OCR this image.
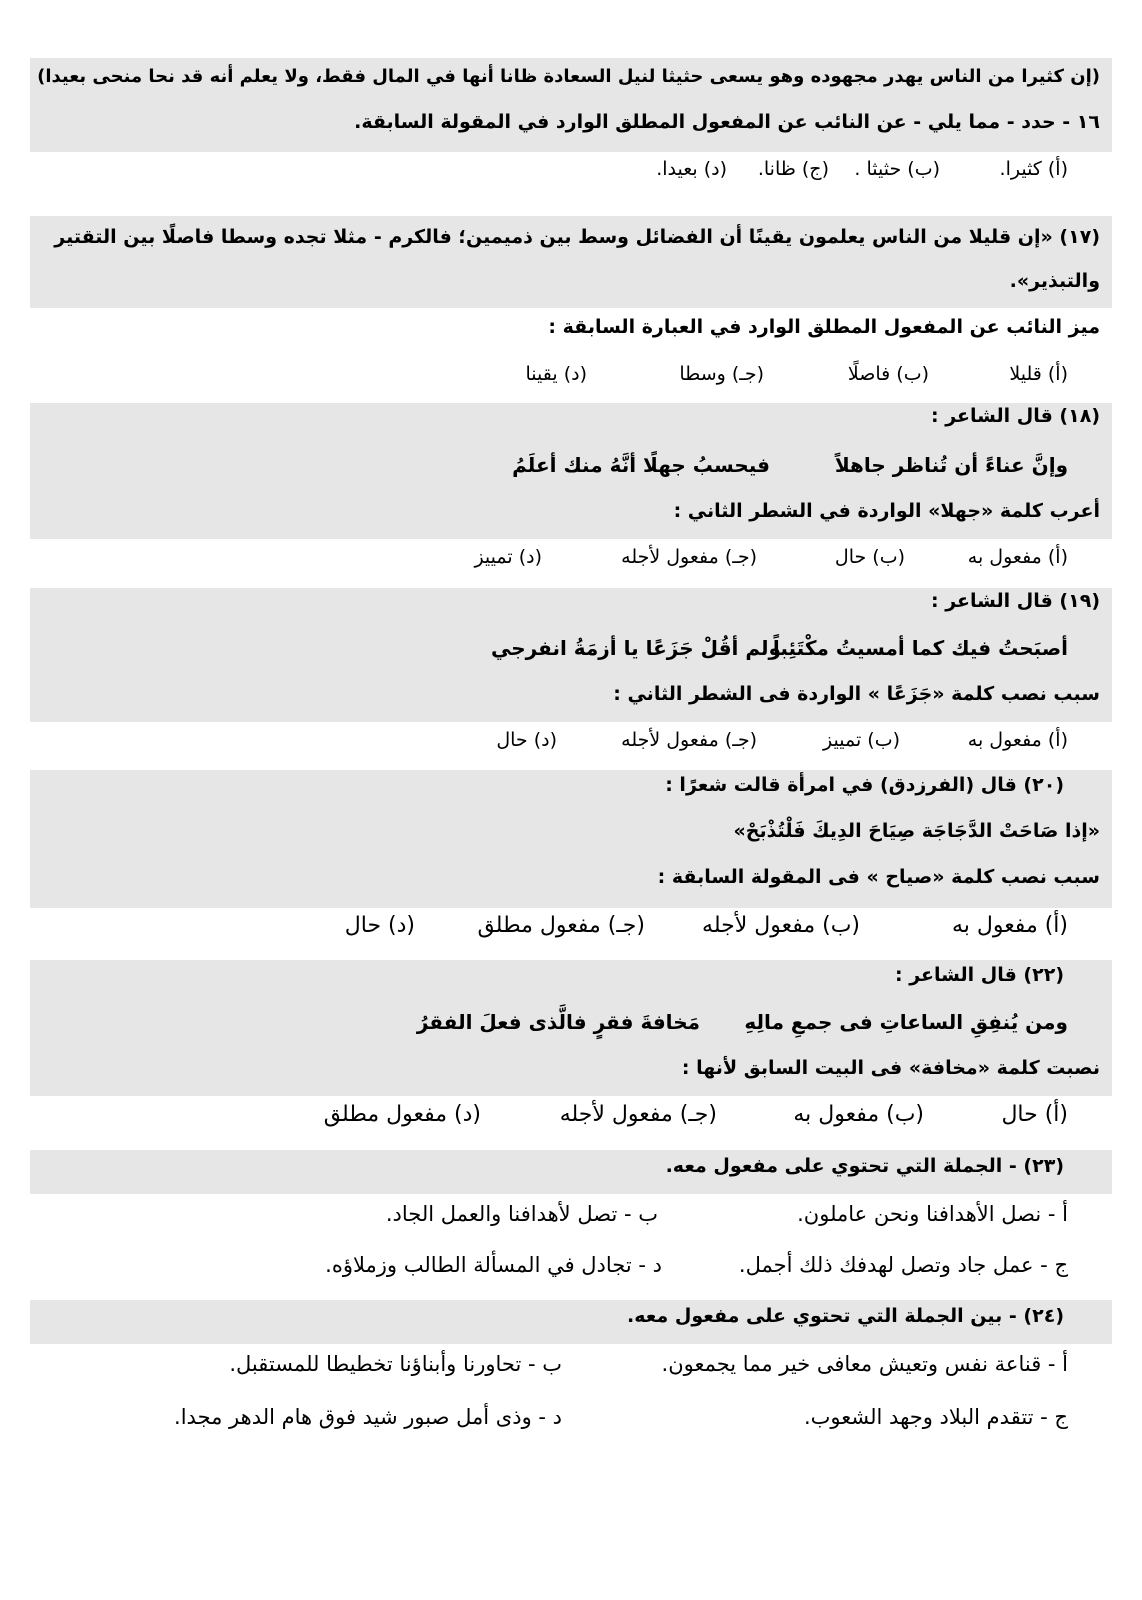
(إن كثيرا من الناس يهدر مجهوده وهو يسعى حثيثا لنيل السعادة ظانا أنها في المال فقط، ولا يعلم أنه قد نحا منحى بعيدا)
١٦ - حدد - مما يلي - عن النائب عن المفعول المطلق الوارد في المقولة السابقة.
(أ) كثيرا.
(ب) حثيثا .
(ج) ظانا.
(د) بعيدا.
(١٧) «إن قليلا من الناس يعلمون يقينًا أن الفضائل وسط بين ذميمين؛ فالكرم - مثلا تجده وسطا فاصلًا بين التقتير
والتبذير».
ميز النائب عن المفعول المطلق الوارد في العبارة السابقة :
(أ) قليلا
(ب) فاصلًا
(جـ) وسطا
(د) يقينا
(١٨) قال الشاعر :
وإنَّ عناءً أن تُناظر جاهلاً
فيحسبُ جهلًا أنَّهُ منك أعلَمُ
أعرب كلمة «جهلا» الواردة في الشطر الثاني :
(أ) مفعول به
(ب) حال
(جـ) مفعول لأجله
(د) تمييز
(١٩) قال الشاعر :
أصبَحتُ فيك كما أمسيتُ مكْتَئِباً
ولم أقُلْ جَزَعًا يا أزمَةُ انفرجي
سبب نصب كلمة «جَزَعًا » الواردة فى الشطر الثاني :
(أ) مفعول به
(ب) تمييز
(جـ) مفعول لأجله
(د) حال
(٢٠) قال (الفرزدق) في امرأة قالت شعرًا :
«إذا صَاحَتْ الدَّجَاجَة صِيَاحَ الدِيكَ فَلْتُذْبَحْ»
سبب نصب كلمة «صياح » فى المقولة السابقة :
(أ) مفعول به
(ب) مفعول لأجله
(جـ) مفعول مطلق
(د) حال
(٢٢) قال الشاعر :
ومن يُنفِقِ الساعاتِ فى جمعِ مالِهِ
مَخافةَ فقرٍ فالَّذى فعلَ الفقرُ
نصبت كلمة «مخافة» فى البيت السابق لأنها :
(أ) حال
(ب) مفعول به
(جـ) مفعول لأجله
(د) مفعول مطلق
(٢٣) - الجملة التي تحتوي على مفعول معه.
أ - نصل الأهدافنا ونحن عاملون.
ب - تصل لأهدافنا والعمل الجاد.
ج - عمل جاد وتصل لهدفك ذلك أجمل.
د - تجادل في المسألة الطالب وزملاؤه.
(٢٤) - بين الجملة التي تحتوي على مفعول معه.
أ - قناعة نفس وتعيش معافى خير مما يجمعون.
ب - تحاورنا وأبناؤنا تخطيطا للمستقبل.
ج - تتقدم البلاد وجهد الشعوب.
د - وذى أمل صبور شيد فوق هام الدهر مجدا.
